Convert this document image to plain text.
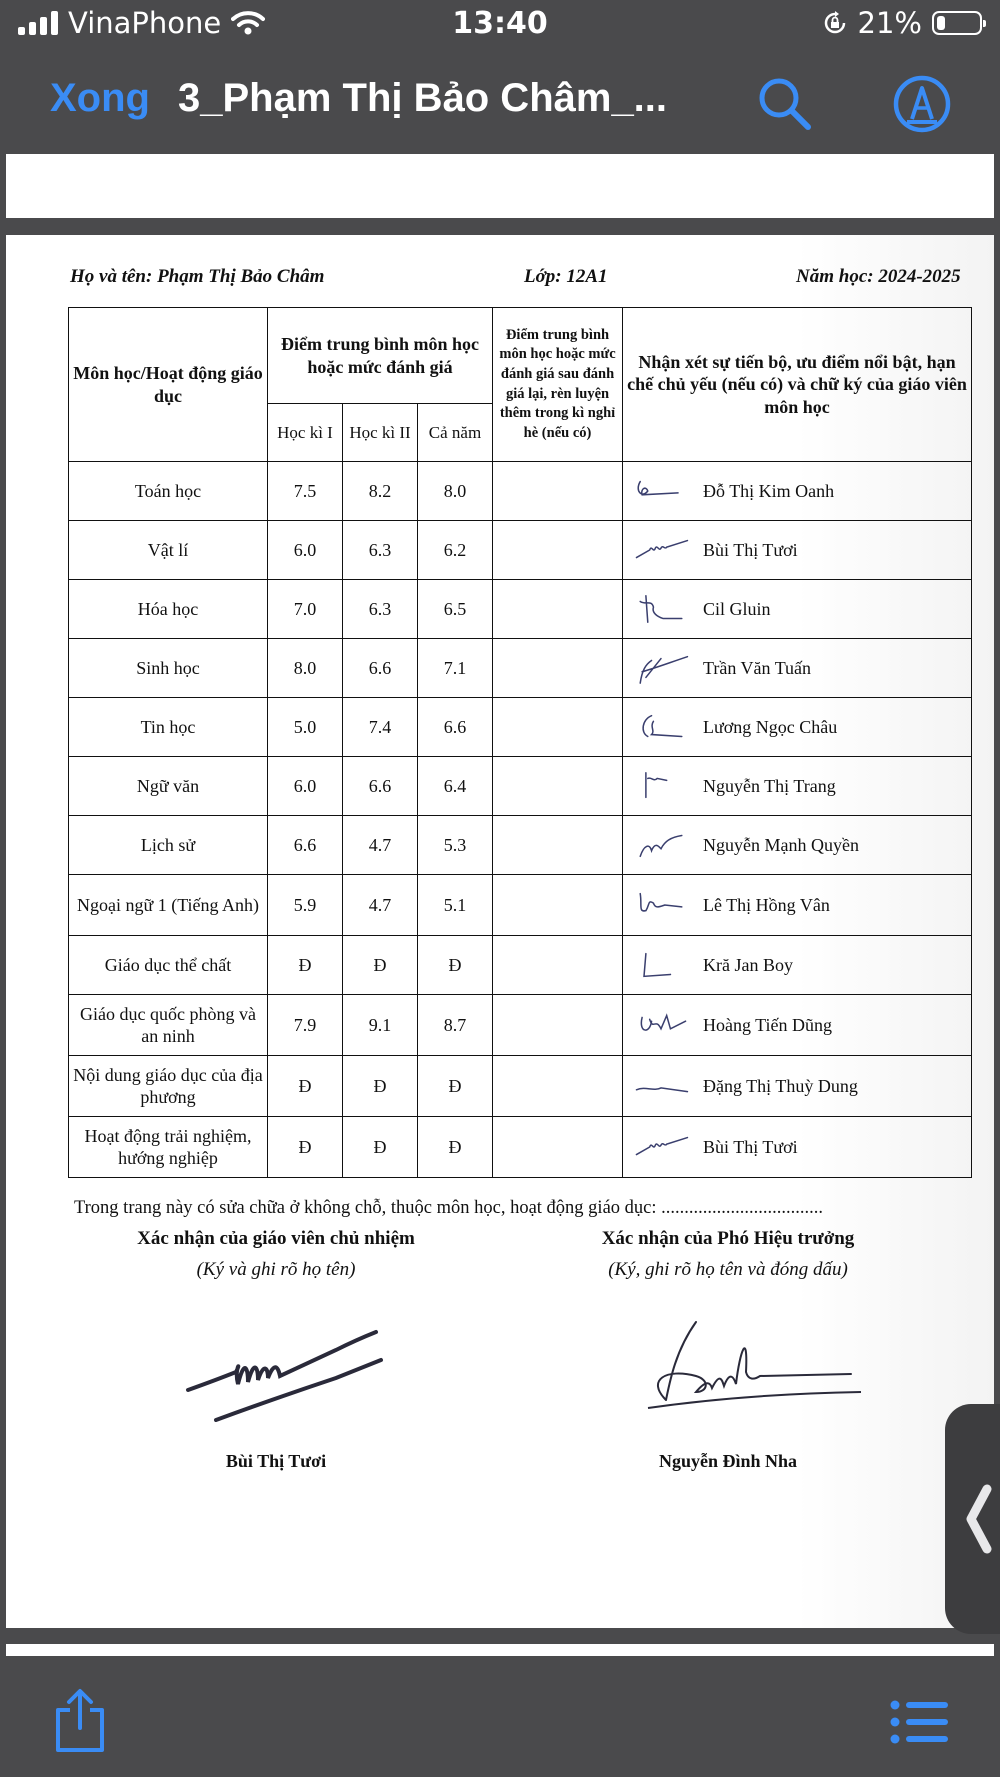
VinaPhone	13:40	21%
Xong 3_Phạm Thị Bảo Châm_...
Họ và tên: Phạm Thị Bảo Châm	Lớp: 12A1	Năm học: 2024-2025
Môn học/Hoạt động giáo dục	Điểm trung bình môn học hoặc mức đánh giá			Điểm trung bình môn học hoặc mức đánh giá sau đánh giá lại, rèn luyện thêm trong kì nghỉ hè (nếu có)	Nhận xét sự tiến bộ, ưu điểm nổi bật, hạn chế chủ yếu (nếu có) và chữ ký của giáo viên môn học
	Học kì I	Học kì II	Cả năm		
Toán học	7.5	8.2	8.0		Đỗ Thị Kim Oanh

Vật lí	6.0	6.3	6.2		Bùi Thị Tươi

Hóa học	7.0	6.3	6.5		Cil Gluin

Sinh học	8.0	6.6	7.1		Trần Văn Tuấn

Tin học	5.0	7.4	6.6		Lương Ngọc Châu

Ngữ văn	6.0	6.6	6.4		Nguyễn Thị Trang

Lịch sử	6.6	4.7	5.3		Nguyễn Mạnh Quyền

Ngoại ngữ 1 (Tiếng Anh)	5.9	4.7	5.1		Lê Thị Hồng Vân

Giáo dục thể chất	Đ	Đ	Đ		Kră Jan Boy

Giáo dục quốc phòng và an ninh	7.9	9.1	8.7		Hoàng Tiến Dũng

Nội dung giáo dục của địa phương	Đ	Đ	Đ		Đặng Thị Thuỳ Dung

Hoạt động trải nghiệm, hướng nghiệp	Đ	Đ	Đ		Bùi Thị Tươi
Trong trang này có sửa chữa ở không chỗ, thuộc môn học, hoạt động giáo dục: ...................................
Xác nhận của giáo viên chủ nhiệm	Xác nhận của Phó Hiệu trưởng
(Ký và ghi rõ họ tên)	(Ký, ghi rõ họ tên và đóng dấu)
Bùi Thị Tươi	Nguyễn Đình Nha
